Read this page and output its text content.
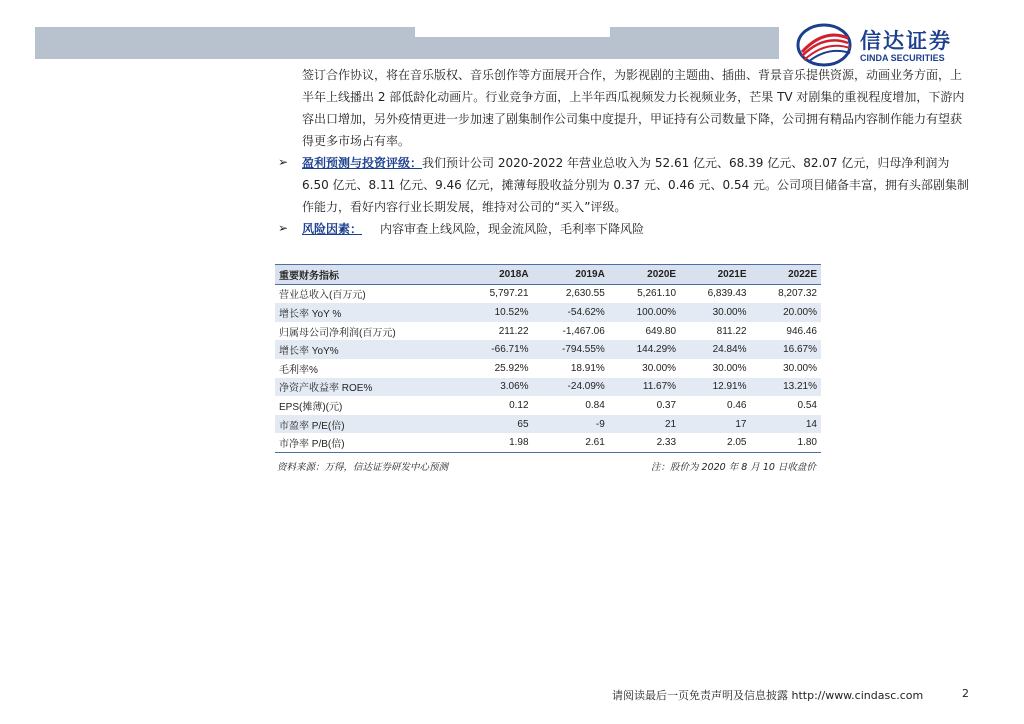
信达证券
CINDA SECURITIES
签订合作协议，将在音乐版权、音乐创作等方面展开合作，为影视剧的主题曲、插曲、背景音乐提供资源，动画业务方面，上半年上线播出 2 部低龄化动画片。行业竞争方面，上半年西瓜视频发力长视频业务，芒果 TV 对剧集的重视程度增加，下游内容出口增加，另外疫情更进一步加速了剧集制作公司集中度提升，甲证持有公司数量下降，公司拥有精品内容制作能力有望获得更多市场占有率。
➢ 盈利预测与投资评级：我们预计公司 2020-2022 年营业总收入为 52.61 亿元、68.39 亿元、82.07 亿元，归母净利润为 6.50 亿元、8.11 亿元、9.46 亿元，摊薄每股收益分别为 0.37 元、0.46 元、0.54 元。公司项目储备丰富，拥有头部剧集制作能力，看好内容行业长期发展，维持对公司的“买入”评级。
➢ 风险因素： 内容审查上线风险，现金流风险，毛利率下降风险
重要财务指标	2018A	2019A	2020E	2021E	2022E
营业总收入(百万元)	5,797.21	2,630.55	5,261.10	6,839.43	8,207.32
增长率 YoY %	10.52%	-54.62%	100.00%	30.00%	20.00%
归属母公司净利润(百万元)	211.22	-1,467.06	649.80	811.22	946.46
增长率 YoY%	-66.71%	-794.55%	144.29%	24.84%	16.67%
毛利率%	25.92%	18.91%	30.00%	30.00%	30.00%
净资产收益率 ROE%	3.06%	-24.09%	11.67%	12.91%	13.21%
EPS(摊薄)(元)	0.12	0.84	0.37	0.46	0.54
市盈率 P/E(倍)	65	-9	21	17	14
市净率 P/B(倍)	1.98	2.61	2.33	2.05	1.80
资料来源：万得，信达证券研发中心预测	注：股价为 2020 年 8 月 10 日收盘价
请阅读最后一页免责声明及信息披露 http://www.cindasc.com	2
